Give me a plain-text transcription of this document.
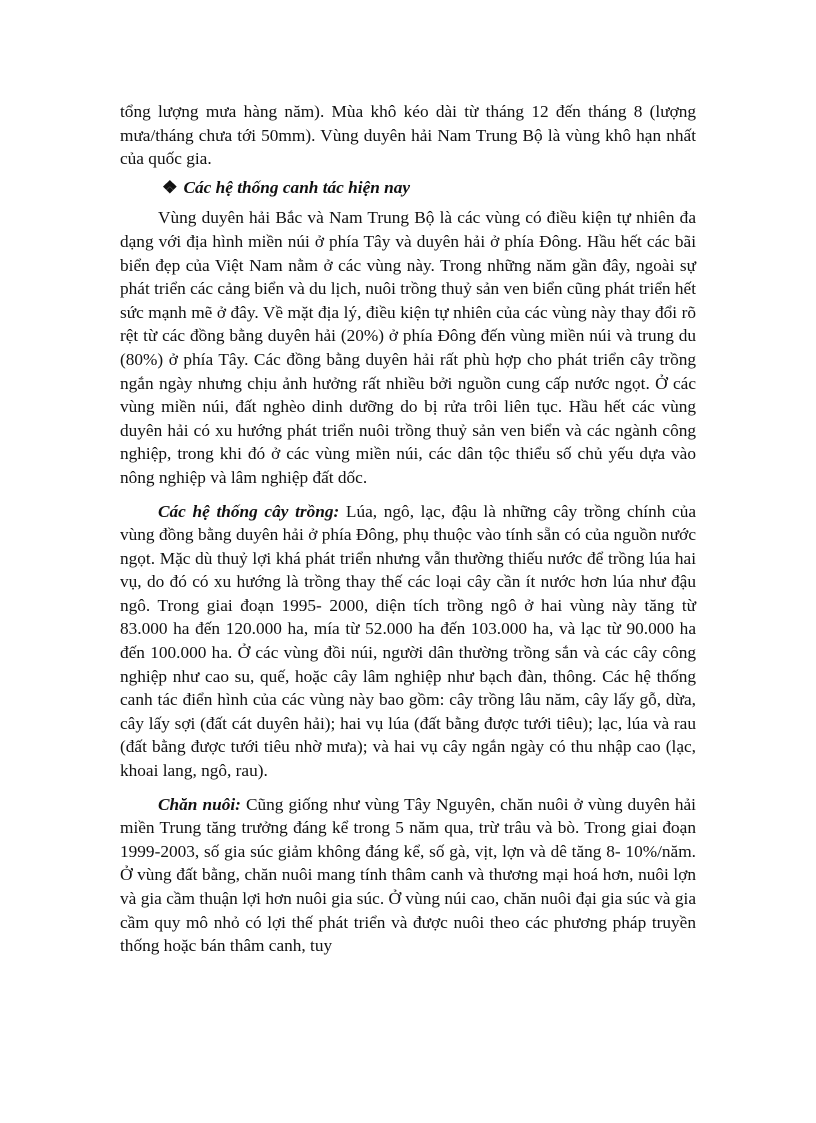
tổng lượng mưa hàng năm). Mùa khô kéo dài từ tháng 12 đến tháng 8 (lượng mưa/tháng chưa tới 50mm). Vùng duyên hải Nam Trung Bộ là vùng khô hạn nhất của quốc gia.

❖ Các hệ thống canh tác hiện nay

Vùng duyên hải Bắc và Nam Trung Bộ là các vùng có điều kiện tự nhiên đa dạng với địa hình miền núi ở phía Tây và duyên hải ở phía Đông. Hầu hết các bãi biển đẹp của Việt Nam nằm ở các vùng này. Trong những năm gần đây, ngoài sự phát triển các cảng biển và du lịch, nuôi trồng thuỷ sản ven biển cũng phát triển hết sức mạnh mẽ ở đây. Về mặt địa lý, điều kiện tự nhiên của các vùng này thay đổi rõ rệt từ các đồng bằng duyên hải (20%) ở phía Đông đến vùng miền núi và trung du (80%) ở phía Tây. Các đồng bằng duyên hải rất phù hợp cho phát triển cây trồng ngắn ngày nhưng chịu ảnh hưởng rất nhiều bởi nguồn cung cấp nước ngọt. Ở các vùng miền núi, đất nghèo dinh dưỡng do bị rửa trôi liên tục. Hầu hết các vùng duyên hải có xu hướng phát triển nuôi trồng thuỷ sản ven biển và các ngành công nghiệp, trong khi đó ở các vùng miền núi, các dân tộc thiểu số chủ yếu dựa vào nông nghiệp và lâm nghiệp đất dốc.

Các hệ thống cây trồng: Lúa, ngô, lạc, đậu là những cây trồng chính của vùng đồng bằng duyên hải ở phía Đông, phụ thuộc vào tính sẵn có của nguồn nước ngọt. Mặc dù thuỷ lợi khá phát triển nhưng vẫn thường thiếu nước để trồng lúa hai vụ, do đó có xu hướng là trồng thay thế các loại cây cần ít nước hơn lúa như đậu ngô. Trong giai đoạn 1995- 2000, diện tích trồng ngô ở hai vùng này tăng từ 83.000 ha đến 120.000 ha, mía từ 52.000 ha đến 103.000 ha, và lạc từ 90.000 ha đến 100.000 ha. Ở các vùng đồi núi, người dân thường trồng sắn và các cây công nghiệp như cao su, quế, hoặc cây lâm nghiệp như bạch đàn, thông. Các hệ thống canh tác điển hình của các vùng này bao gồm: cây trồng lâu năm, cây lấy gỗ, dừa, cây lấy sợi (đất cát duyên hải); hai vụ lúa (đất bằng được tưới tiêu); lạc, lúa và rau (đất bằng được tưới tiêu nhờ mưa); và hai vụ cây ngắn ngày có thu nhập cao (lạc, khoai lang, ngô, rau).

Chăn nuôi: Cũng giống như vùng Tây Nguyên, chăn nuôi ở vùng duyên hải miền Trung tăng trưởng đáng kể trong 5 năm qua, trừ trâu và bò. Trong giai đoạn 1999-2003, số gia súc giảm không đáng kể, số gà, vịt, lợn và dê tăng 8- 10%/năm. Ở vùng đất bằng, chăn nuôi mang tính thâm canh và thương mại hoá hơn, nuôi lợn và gia cầm thuận lợi hơn nuôi gia súc. Ở vùng núi cao, chăn nuôi đại gia súc và gia cầm quy mô nhỏ có lợi thế phát triển và được nuôi theo các phương pháp truyền thống hoặc bán thâm canh, tuy
